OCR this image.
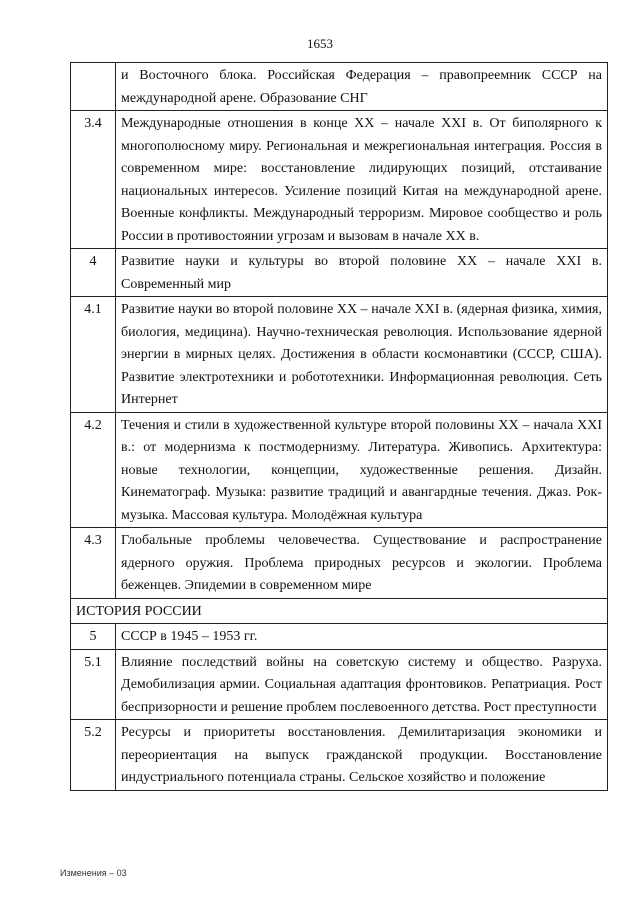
1653
	и Восточного блока. Российская Федерация – правопреемник СССР на международной арене. Образование СНГ
3.4	Международные отношения в конце XX – начале XXI в. От биполярного к многополюсному миру. Региональная и межрегиональная интеграция. Россия в современном мире: восстановление лидирующих позиций, отстаивание национальных интересов. Усиление позиций Китая на международной арене. Военные конфликты. Международный терроризм. Мировое сообщество и роль России в противостоянии угрозам и вызовам в начале XX в.
4	Развитие науки и культуры во второй половине XX – начале XXI в. Современный мир
4.1	Развитие науки во второй половине XX – начале XXI в. (ядерная физика, химия, биология, медицина). Научно-техническая революция. Использование ядерной энергии в мирных целях. Достижения в области космонавтики (СССР, США). Развитие электротехники и робототехники. Информационная революция. Сеть Интернет
4.2	Течения и стили в художественной культуре второй половины XX – начала XXI в.: от модернизма к постмодернизму. Литература. Живопись. Архитектура: новые технологии, концепции, художественные решения. Дизайн. Кинематограф. Музыка: развитие традиций и авангардные течения. Джаз. Рок-музыка. Массовая культура. Молодёжная культура
4.3	Глобальные проблемы человечества. Существование и распространение ядерного оружия. Проблема природных ресурсов и экологии. Проблема беженцев. Эпидемии в современном мире
ИСТОРИЯ РОССИИ	
5	СССР в 1945 – 1953 гг.
5.1	Влияние последствий войны на советскую систему и общество. Разруха. Демобилизация армии. Социальная адаптация фронтовиков. Репатриация. Рост беспризорности и решение проблем послевоенного детства. Рост преступности
5.2	Ресурсы и приоритеты восстановления. Демилитаризация экономики и переориентация на выпуск гражданской продукции. Восстановление индустриального потенциала страны. Сельское хозяйство и положение
Изменения – 03
